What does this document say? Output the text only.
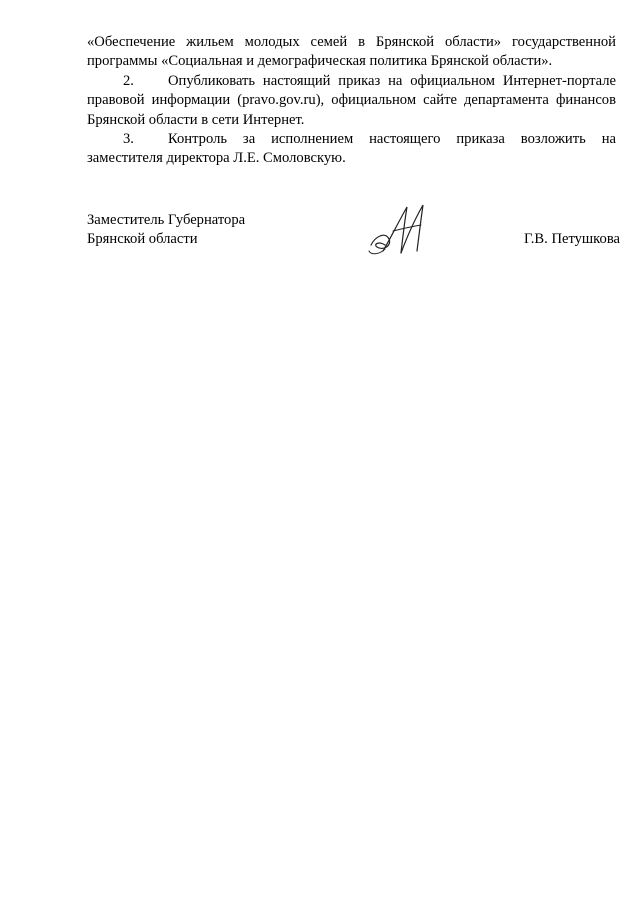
«Обеспечение жильем молодых семей в Брянской области» государственной программы «Социальная и демографическая политика Брянской области».

2. Опубликовать настоящий приказ на официальном Интернет-портале правовой информации (pravo.gov.ru), официальном сайте департамента финансов Брянской области в сети Интернет.

3. Контроль за исполнением настоящего приказа возложить на заместителя директора Л.Е. Смоловскую.

Заместитель Губернатора
Брянской области	Г.В. Петушкова
